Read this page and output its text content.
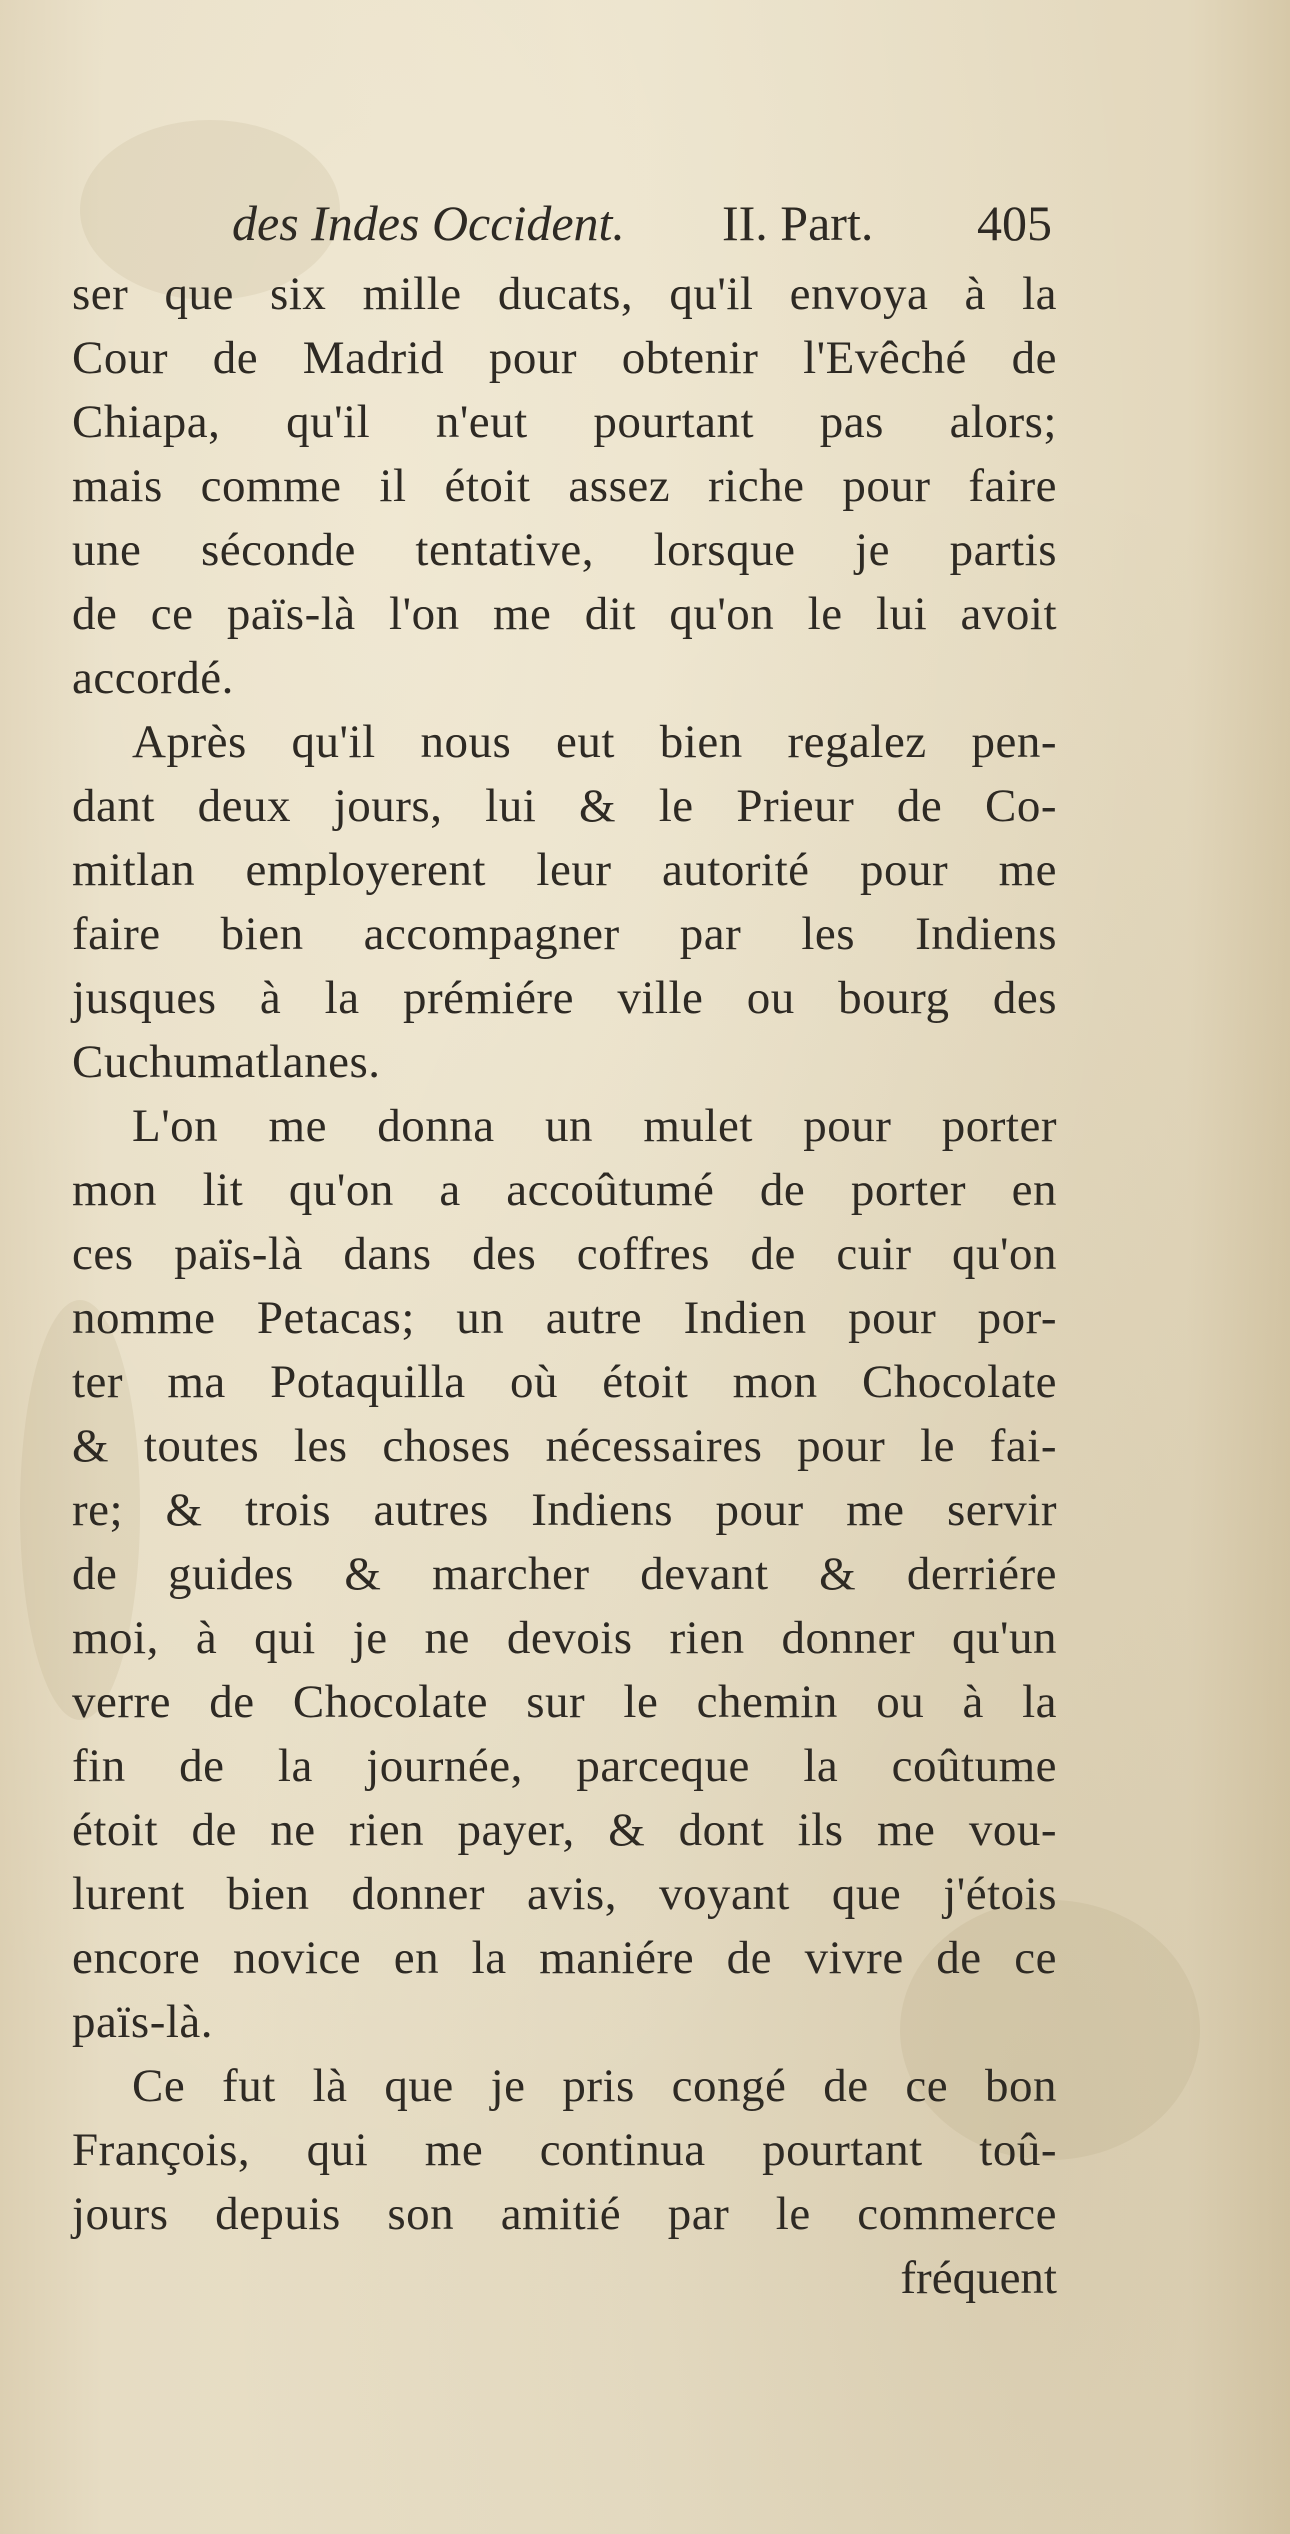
des Indes Occident. II. Part. 405
ser que six mille ducats, qu'il envoya à la
Cour de Madrid pour obtenir l'Evêché de
Chiapa, qu'il n'eut pourtant pas alors;
mais comme il étoit assez riche pour faire
une séconde tentative, lorsque je partis
de ce païs-là l'on me dit qu'on le lui avoit
accordé.
Après qu'il nous eut bien regalez pen-
dant deux jours, lui & le Prieur de Co-
mitlan employerent leur autorité pour me
faire bien accompagner par les Indiens
jusques à la prémiére ville ou bourg des
Cuchumatlanes.
L'on me donna un mulet pour porter
mon lit qu'on a accoûtumé de porter en
ces païs-là dans des coffres de cuir qu'on
nomme Petacas; un autre Indien pour por-
ter ma Potaquilla où étoit mon Chocolate
& toutes les choses nécessaires pour le fai-
re; & trois autres Indiens pour me servir
de guides & marcher devant & derriére
moi, à qui je ne devois rien donner qu'un
verre de Chocolate sur le chemin ou à la
fin de la journée, parceque la coûtume
étoit de ne rien payer, & dont ils me vou-
lurent bien donner avis, voyant que j'étois
encore novice en la maniére de vivre de ce
païs-là.
Ce fut là que je pris congé de ce bon
François, qui me continua pourtant toû-
jours depuis son amitié par le commerce
fréquent
